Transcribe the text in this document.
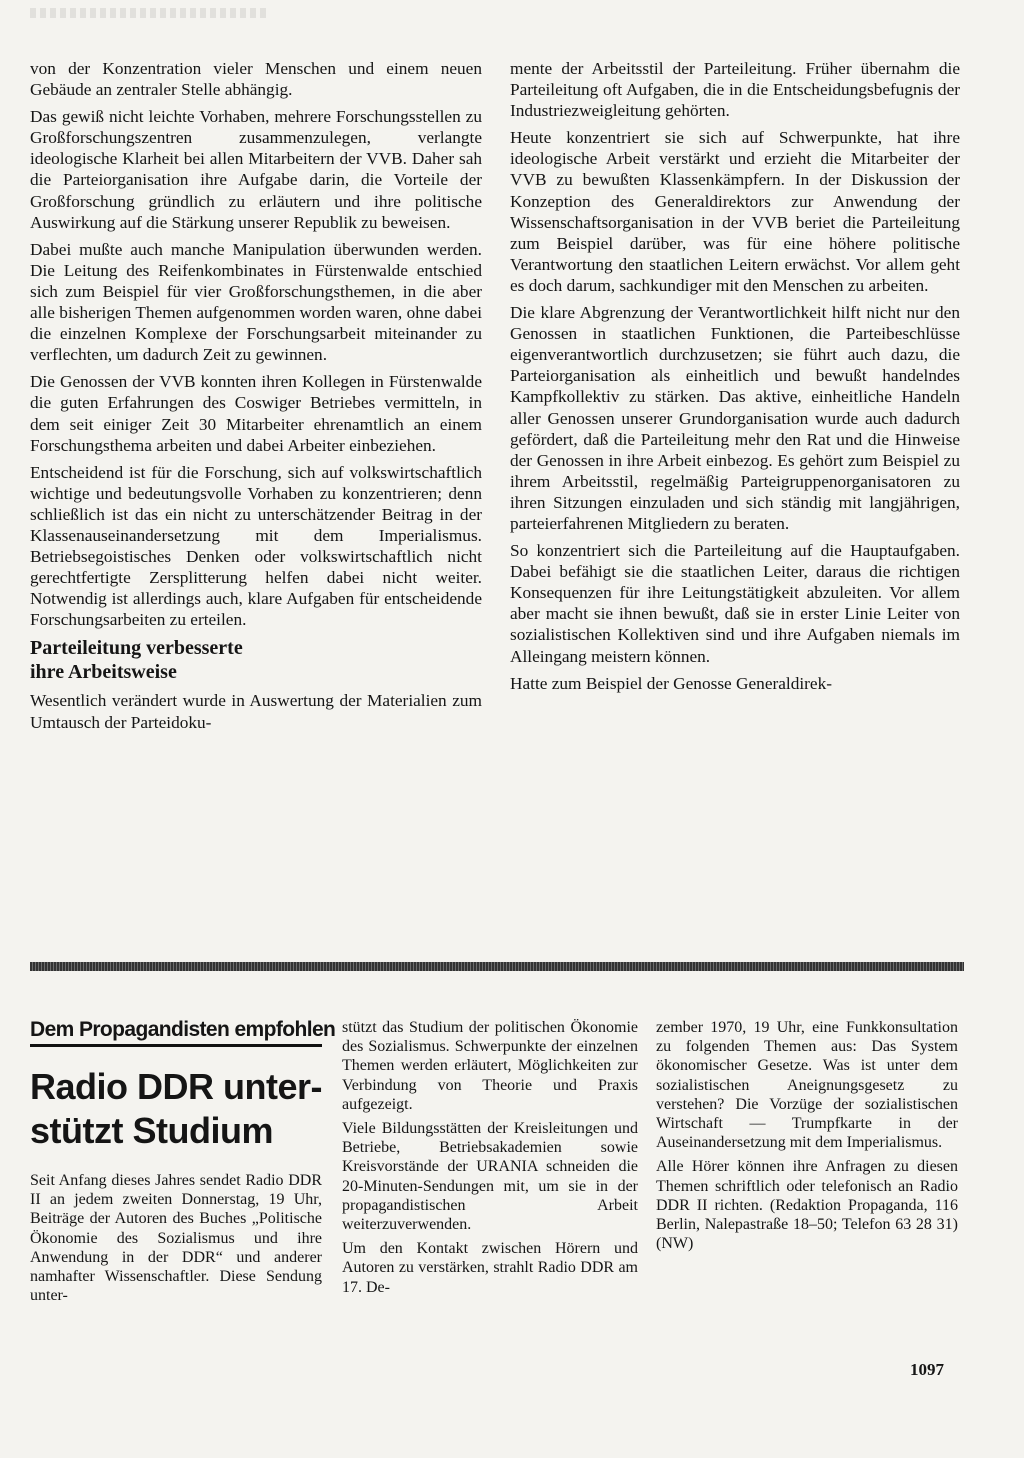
von der Konzentration vieler Menschen und einem neuen Gebäude an zentraler Stelle abhängig.

Das gewiß nicht leichte Vorhaben, mehrere Forschungsstellen zu Großforschungszentren zusammenzulegen, verlangte ideologische Klarheit bei allen Mitarbeitern der VVB. Daher sah die Parteiorganisation ihre Aufgabe darin, die Vorteile der Großforschung gründlich zu erläutern und ihre politische Auswirkung auf die Stärkung unserer Republik zu beweisen.

Dabei mußte auch manche Manipulation überwunden werden. Die Leitung des Reifenkombinates in Fürstenwalde entschied sich zum Beispiel für vier Großforschungsthemen, in die aber alle bisherigen Themen aufgenommen worden waren, ohne dabei die einzelnen Komplexe der Forschungsarbeit miteinander zu verflechten, um dadurch Zeit zu gewinnen.

Die Genossen der VVB konnten ihren Kollegen in Fürstenwalde die guten Erfahrungen des Coswiger Betriebes vermitteln, in dem seit einiger Zeit 30 Mitarbeiter ehrenamtlich an einem Forschungsthema arbeiten und dabei Arbeiter einbeziehen.

Entscheidend ist für die Forschung, sich auf volkswirtschaftlich wichtige und bedeutungsvolle Vorhaben zu konzentrieren; denn schließlich ist das ein nicht zu unterschätzender Beitrag in der Klassenauseinandersetzung mit dem Imperialismus. Betriebsegoistisches Denken oder volkswirtschaftlich nicht gerechtfertigte Zersplitterung helfen dabei nicht weiter. Notwendig ist allerdings auch, klare Aufgaben für entscheidende Forschungsarbeiten zu erteilen.

Parteileitung verbesserte
ihre Arbeitsweise

Wesentlich verändert wurde in Auswertung der Materialien zum Umtausch der Parteidoku-

mente der Arbeitsstil der Parteileitung. Früher übernahm die Parteileitung oft Aufgaben, die in die Entscheidungsbefugnis der Industriezweigleitung gehörten.

Heute konzentriert sie sich auf Schwerpunkte, hat ihre ideologische Arbeit verstärkt und erzieht die Mitarbeiter der VVB zu bewußten Klassenkämpfern. In der Diskussion der Konzeption des Generaldirektors zur Anwendung der Wissenschaftsorganisation in der VVB beriet die Parteileitung zum Beispiel darüber, was für eine höhere politische Verantwortung den staatlichen Leitern erwächst. Vor allem geht es doch darum, sachkundiger mit den Menschen zu arbeiten.

Die klare Abgrenzung der Verantwortlichkeit hilft nicht nur den Genossen in staatlichen Funktionen, die Parteibeschlüsse eigenverantwortlich durchzusetzen; sie führt auch dazu, die Parteiorganisation als einheitlich und bewußt handelndes Kampfkollektiv zu stärken. Das aktive, einheitliche Handeln aller Genossen unserer Grundorganisation wurde auch dadurch gefördert, daß die Parteileitung mehr den Rat und die Hinweise der Genossen in ihre Arbeit einbezog. Es gehört zum Beispiel zu ihrem Arbeitsstil, regelmäßig Parteigruppenorganisatoren zu ihren Sitzungen einzuladen und sich ständig mit langjährigen, parteierfahrenen Mitgliedern zu beraten.

So konzentriert sich die Parteileitung auf die Hauptaufgaben. Dabei befähigt sie die staatlichen Leiter, daraus die richtigen Konsequenzen für ihre Leitungstätigkeit abzuleiten. Vor allem aber macht sie ihnen bewußt, daß sie in erster Linie Leiter von sozialistischen Kollektiven sind und ihre Aufgaben niemals im Alleingang meistern können.

Hatte zum Beispiel der Genosse Generaldirek-

Dem Propagandisten empfohlen
Radio DDR unter-
stützt Studium

Seit Anfang dieses Jahres sendet Radio DDR II an jedem zweiten Donnerstag, 19 Uhr, Beiträge der Autoren des Buches „Politische Ökonomie des Sozialismus und ihre Anwendung in der DDR“ und anderer namhafter Wissenschaftler. Diese Sendung unter-

stützt das Studium der politischen Ökonomie des Sozialismus. Schwerpunkte der einzelnen Themen werden erläutert, Möglichkeiten zur Verbindung von Theorie und Praxis aufgezeigt.

Viele Bildungsstätten der Kreisleitungen und Betriebe, Betriebsakademien sowie Kreisvorstände der URANIA schneiden die 20-Minuten-Sendungen mit, um sie in der propagandistischen Arbeit weiterzuverwenden.

Um den Kontakt zwischen Hörern und Autoren zu verstärken, strahlt Radio DDR am 17. De-

zember 1970, 19 Uhr, eine Funkkonsultation zu folgenden Themen aus: Das System ökonomischer Gesetze. Was ist unter dem sozialistischen Aneignungsgesetz zu verstehen? Die Vorzüge der sozialistischen Wirtschaft — Trumpfkarte in der Auseinandersetzung mit dem Imperialismus.

Alle Hörer können ihre Anfragen zu diesen Themen schriftlich oder telefonisch an Radio DDR II richten. (Redaktion Propaganda, 116 Berlin, Nalepastraße 18–50; Telefon 63 28 31) (NW)

1097
